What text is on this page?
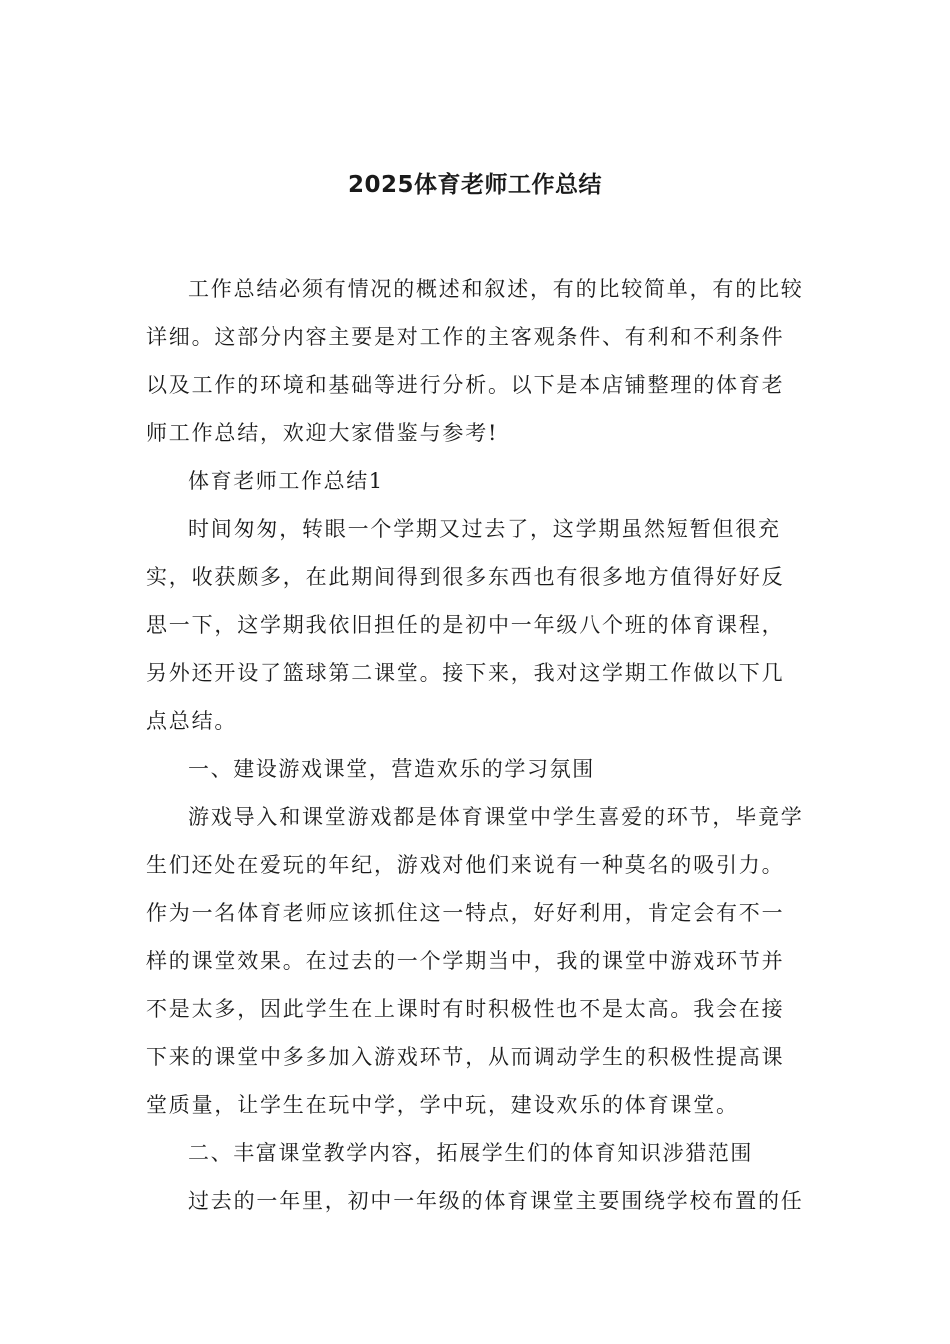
2025体育老师工作总结

工作总结必须有情况的概述和叙述，有的比较简单，有的比较详细。这部分内容主要是对工作的主客观条件、有利和不利条件以及工作的环境和基础等进行分析。以下是本店铺整理的体育老师工作总结，欢迎大家借鉴与参考!

体育老师工作总结1

时间匆匆，转眼一个学期又过去了，这学期虽然短暂但很充实，收获颇多，在此期间得到很多东西也有很多地方值得好好反思一下，这学期我依旧担任的是初中一年级八个班的体育课程，另外还开设了篮球第二课堂。接下来，我对这学期工作做以下几点总结。

一、建设游戏课堂，营造欢乐的学习氛围

游戏导入和课堂游戏都是体育课堂中学生喜爱的环节，毕竟学生们还处在爱玩的年纪，游戏对他们来说有一种莫名的吸引力。作为一名体育老师应该抓住这一特点，好好利用，肯定会有不一样的课堂效果。在过去的一个学期当中，我的课堂中游戏环节并不是太多，因此学生在上课时有时积极性也不是太高。我会在接下来的课堂中多多加入游戏环节，从而调动学生的积极性提高课堂质量，让学生在玩中学，学中玩，建设欢乐的体育课堂。

二、丰富课堂教学内容，拓展学生们的体育知识涉猎范围

过去的一年里，初中一年级的体育课堂主要围绕学校布置的任
